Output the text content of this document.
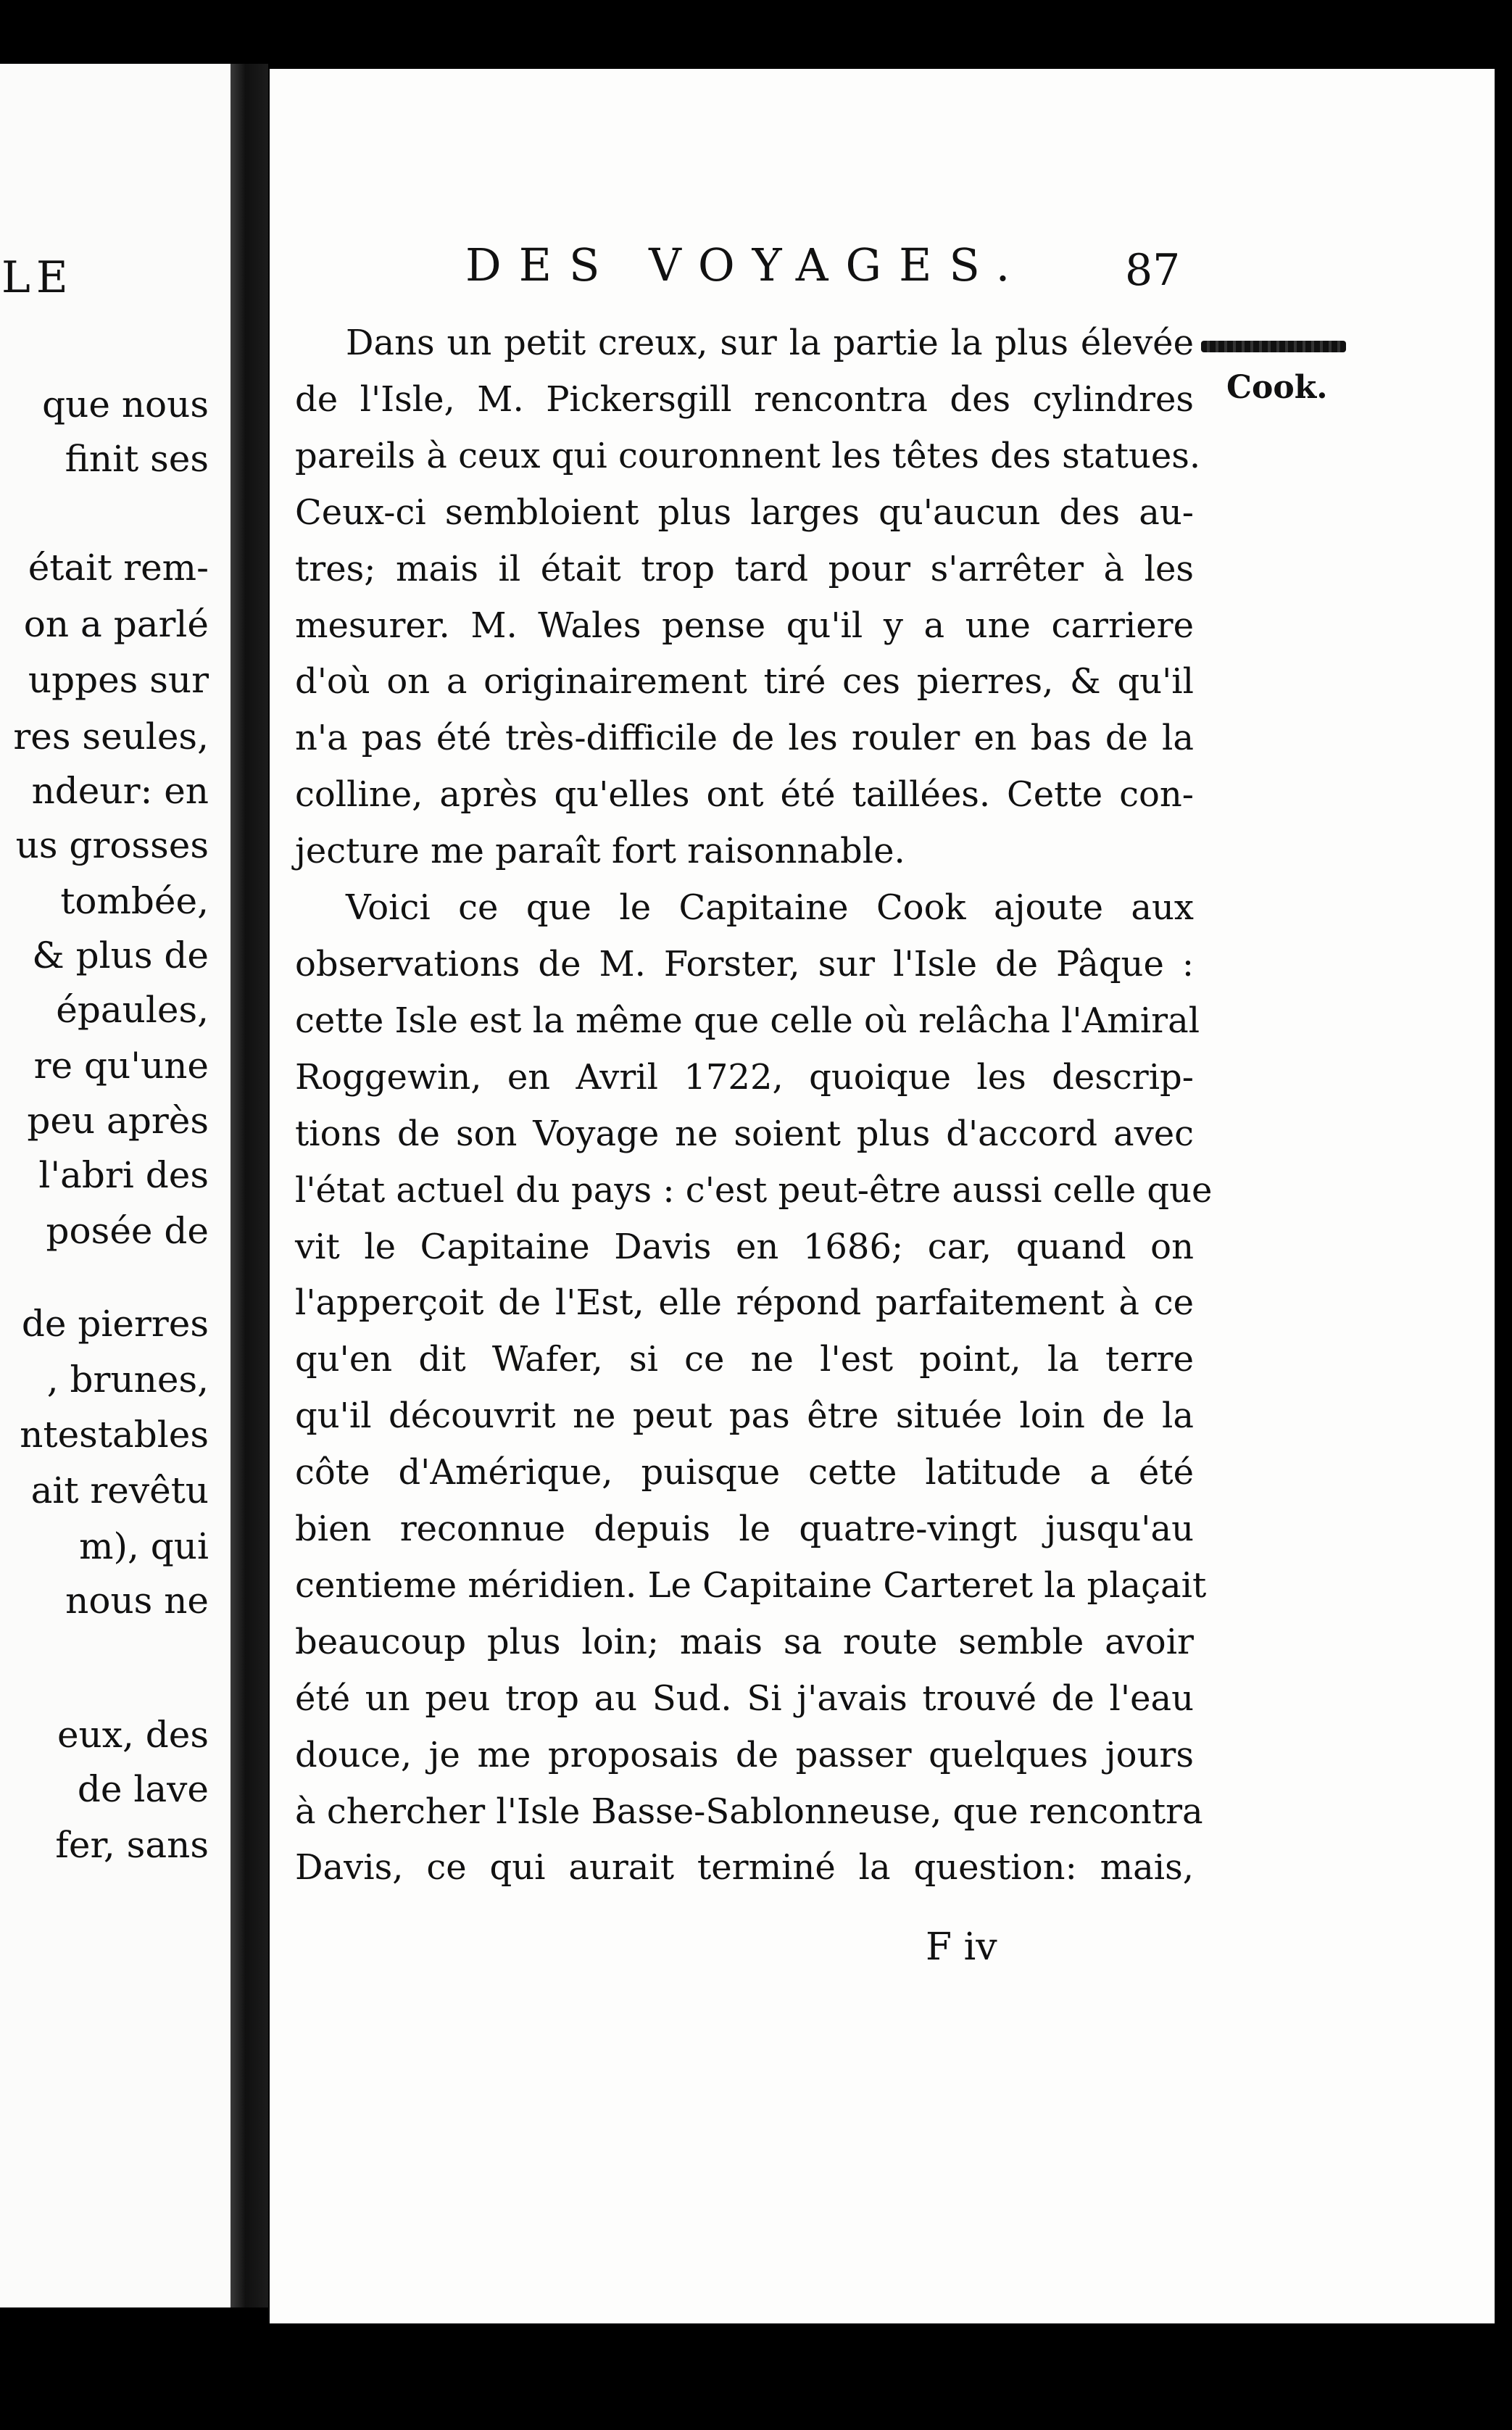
LE
que nous
finit ses
était rem-
on a parlé
uppes sur
res seules,
ndeur: en
us grosses
tombée,
& plus de
épaules,
re qu'une
peu après
l'abri des
posée de
de pierres
, brunes,
ntestables
ait revêtu
m), qui
nous ne
eux, des
de lave
fer, sans
DES VOYAGES. 87
Cook.
Dans un petit creux, sur la partie la plus élevée
de l'Isle, M. Pickersgill rencontra des cylindres
pareils à ceux qui couronnent les têtes des statues.
Ceux-ci sembloient plus larges qu'aucun des au-
tres; mais il était trop tard pour s'arrêter à les
mesurer. M. Wales pense qu'il y a une carriere
d'où on a originairement tiré ces pierres, & qu'il
n'a pas été très-difficile de les rouler en bas de la
colline, après qu'elles ont été taillées. Cette con-
jecture me paraît fort raisonnable.
Voici ce que le Capitaine Cook ajoute aux
observations de M. Forster, sur l'Isle de Pâque :
cette Isle est la même que celle où relâcha l'Amiral
Roggewin, en Avril 1722, quoique les descrip-
tions de son Voyage ne soient plus d'accord avec
l'état actuel du pays : c'est peut-être aussi celle que
vit le Capitaine Davis en 1686; car, quand on
l'apperçoit de l'Est, elle répond parfaitement à ce
qu'en dit Wafer, si ce ne l'est point, la terre
qu'il découvrit ne peut pas être située loin de la
côte d'Amérique, puisque cette latitude a été
bien reconnue depuis le quatre-vingt jusqu'au
centieme méridien. Le Capitaine Carteret la plaçait
beaucoup plus loin; mais sa route semble avoir
été un peu trop au Sud. Si j'avais trouvé de l'eau
douce, je me proposais de passer quelques jours
à chercher l'Isle Basse-Sablonneuse, que rencontra
Davis, ce qui aurait terminé la question: mais,
F iv
